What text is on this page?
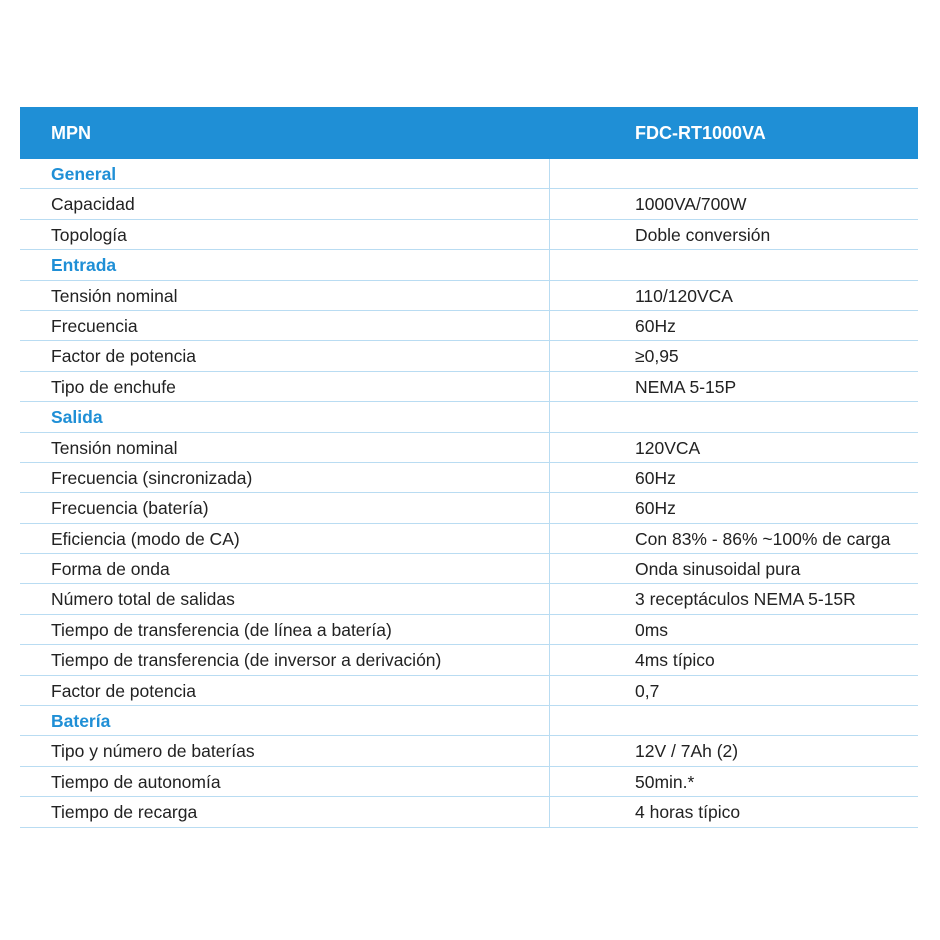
MPN	FDC-RT1000VA
General
Capacidad	1000VA/700W
Topología	Doble conversión
Entrada
Tensión nominal	110/120VCA
Frecuencia	60Hz
Factor de potencia	≥0,95
Tipo de enchufe	NEMA 5-15P
Salida
Tensión nominal	120VCA
Frecuencia (sincronizada)	60Hz
Frecuencia (batería)	60Hz
Eficiencia (modo de CA)	Con 83% - 86% ~100% de carga
Forma de onda	Onda sinusoidal pura
Número total de salidas	3 receptáculos NEMA 5-15R
Tiempo de transferencia (de línea a batería)	0ms
Tiempo de transferencia (de inversor a derivación)	4ms típico
Factor de potencia	0,7
Batería
Tipo y número de baterías	12V / 7Ah (2)
Tiempo de autonomía	50min.*
Tiempo de recarga	4 horas típico
